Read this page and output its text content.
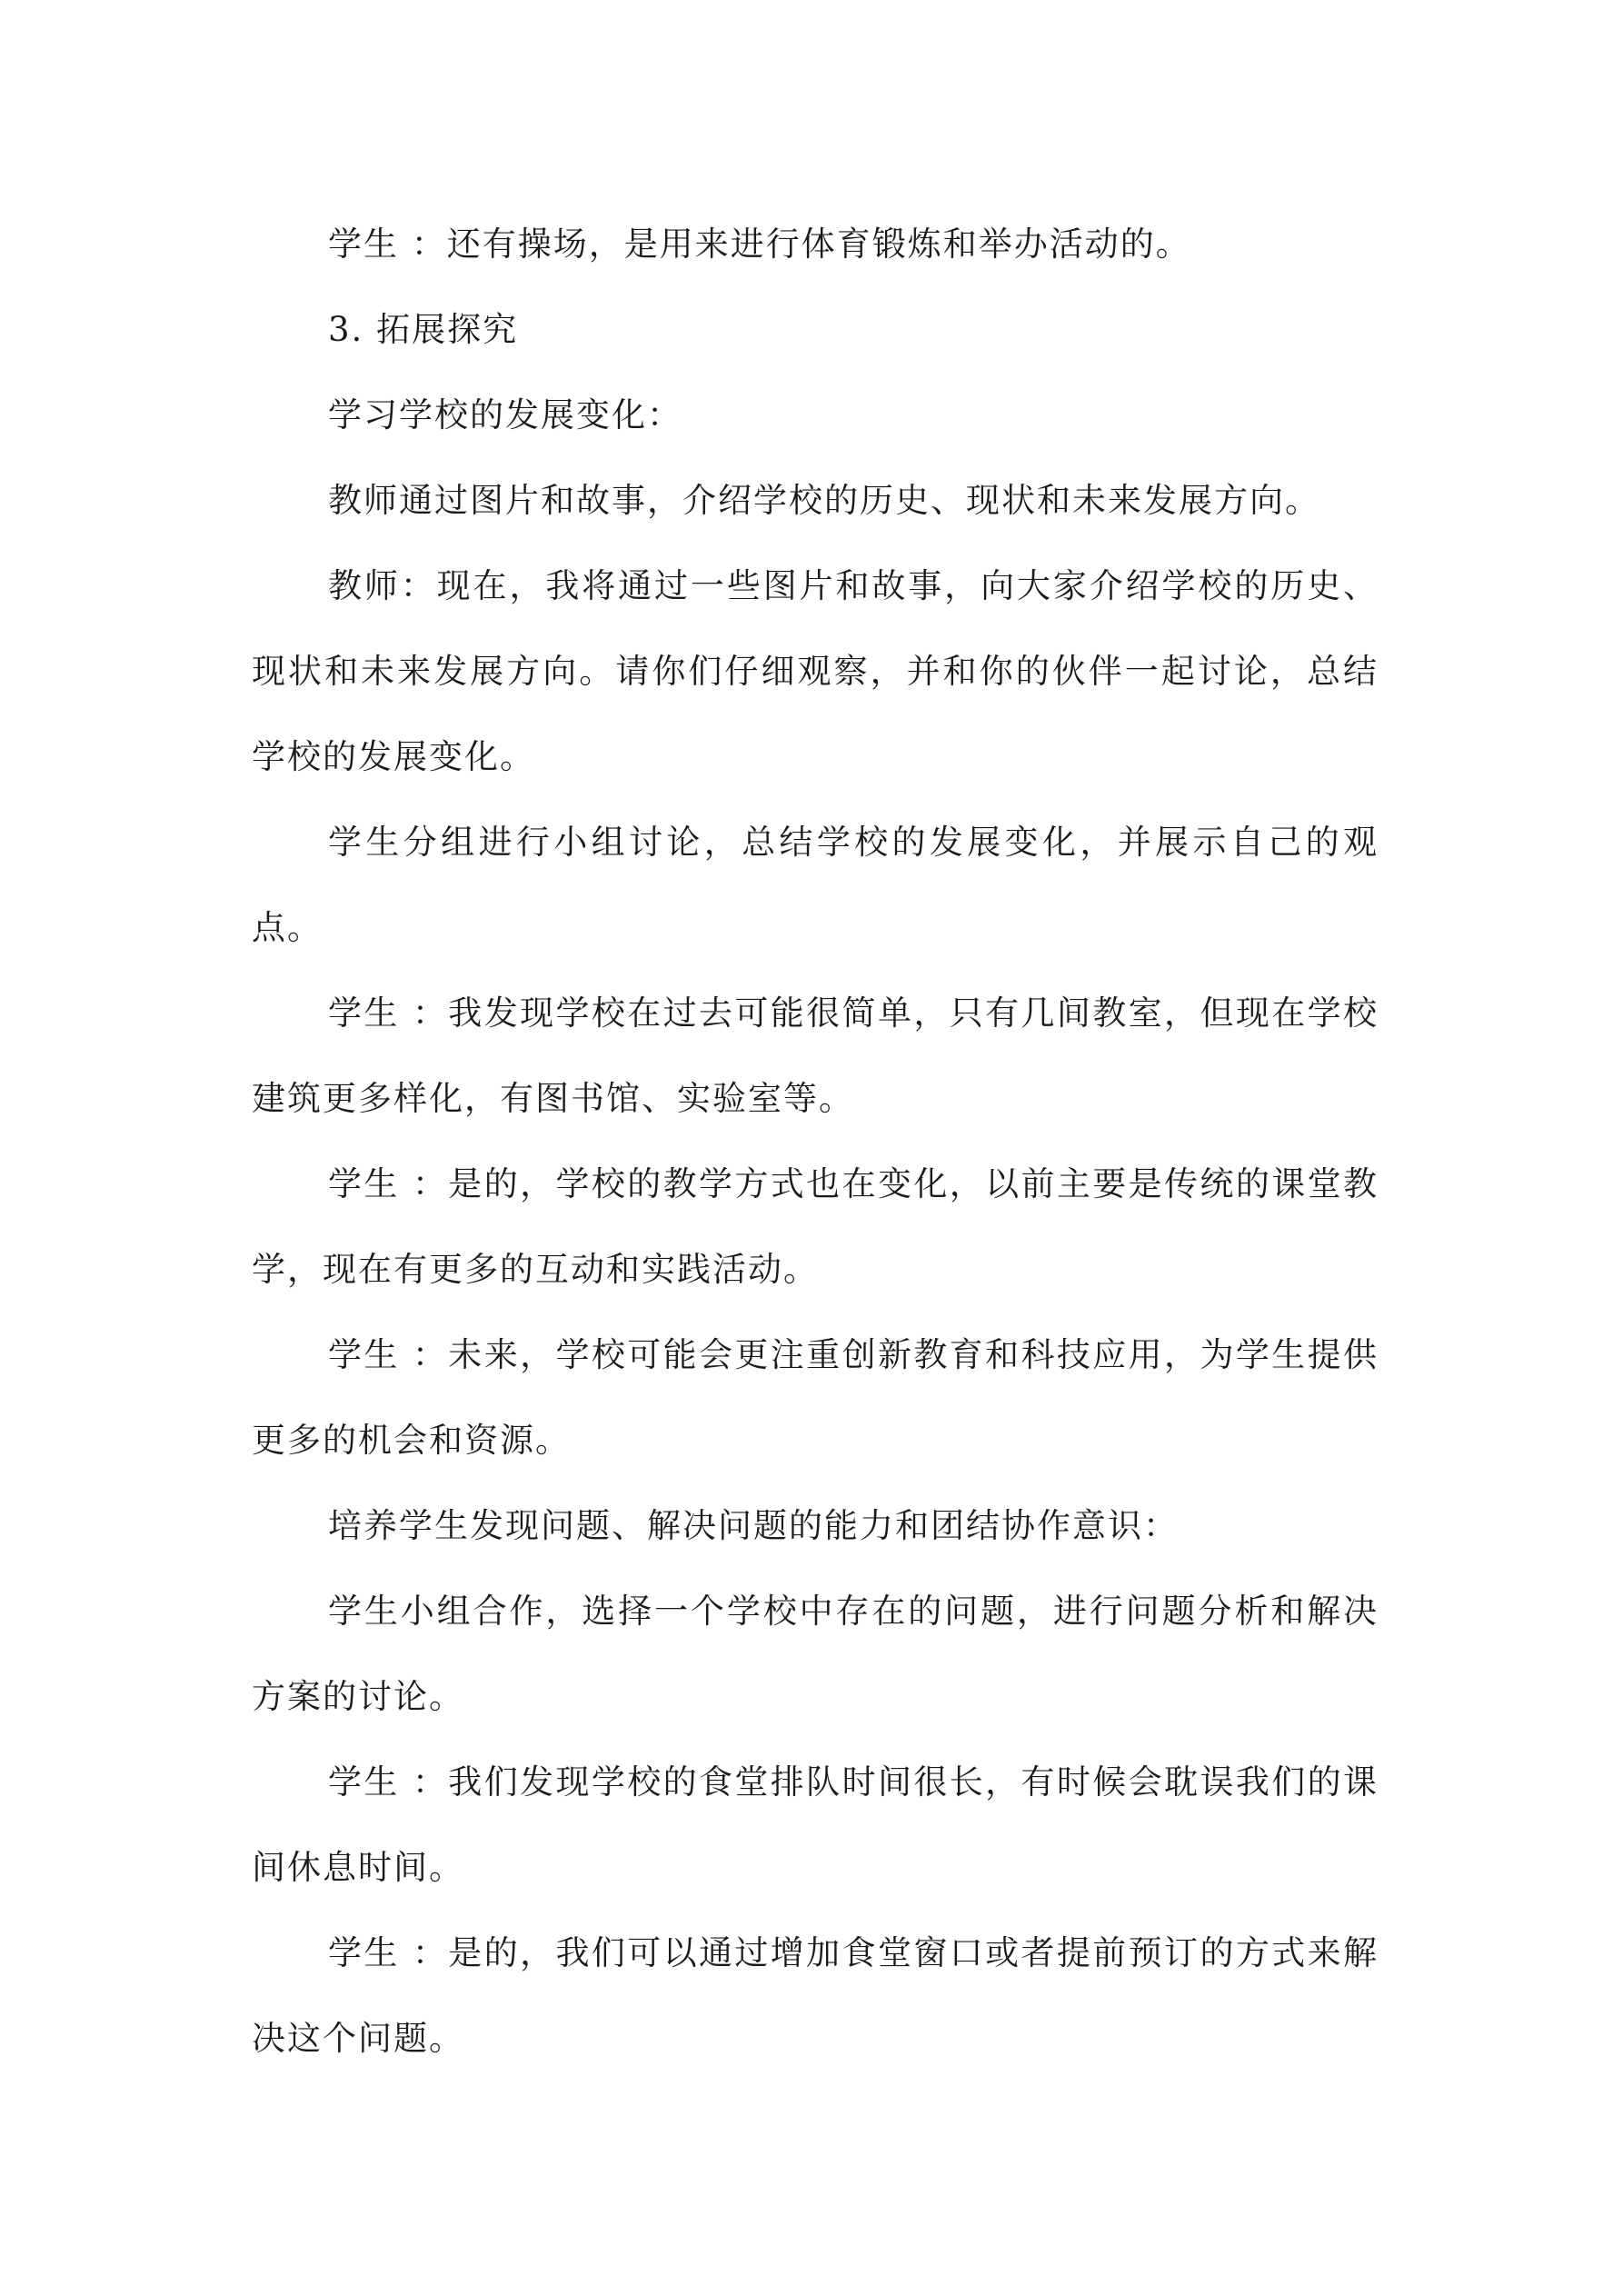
学生 ：还有操场，是用来进行体育锻炼和举办活动的。

3. 拓展探究

学习学校的发展变化：

教师通过图片和故事，介绍学校的历史、现状和未来发展方向。

教师：现在，我将通过一些图片和故事，向大家介绍学校的历史、现状和未来发展方向。请你们仔细观察，并和你的伙伴一起讨论，总结学校的发展变化。

学生分组进行小组讨论，总结学校的发展变化，并展示自己的观点。

学生 ：我发现学校在过去可能很简单，只有几间教室，但现在学校建筑更多样化，有图书馆、实验室等。

学生 ：是的，学校的教学方式也在变化，以前主要是传统的课堂教学，现在有更多的互动和实践活动。

学生 ：未来，学校可能会更注重创新教育和科技应用，为学生提供更多的机会和资源。

培养学生发现问题、解决问题的能力和团结协作意识：

学生小组合作，选择一个学校中存在的问题，进行问题分析和解决方案的讨论。

学生 ：我们发现学校的食堂排队时间很长，有时候会耽误我们的课间休息时间。

学生 ：是的，我们可以通过增加食堂窗口或者提前预订的方式来解决这个问题。
